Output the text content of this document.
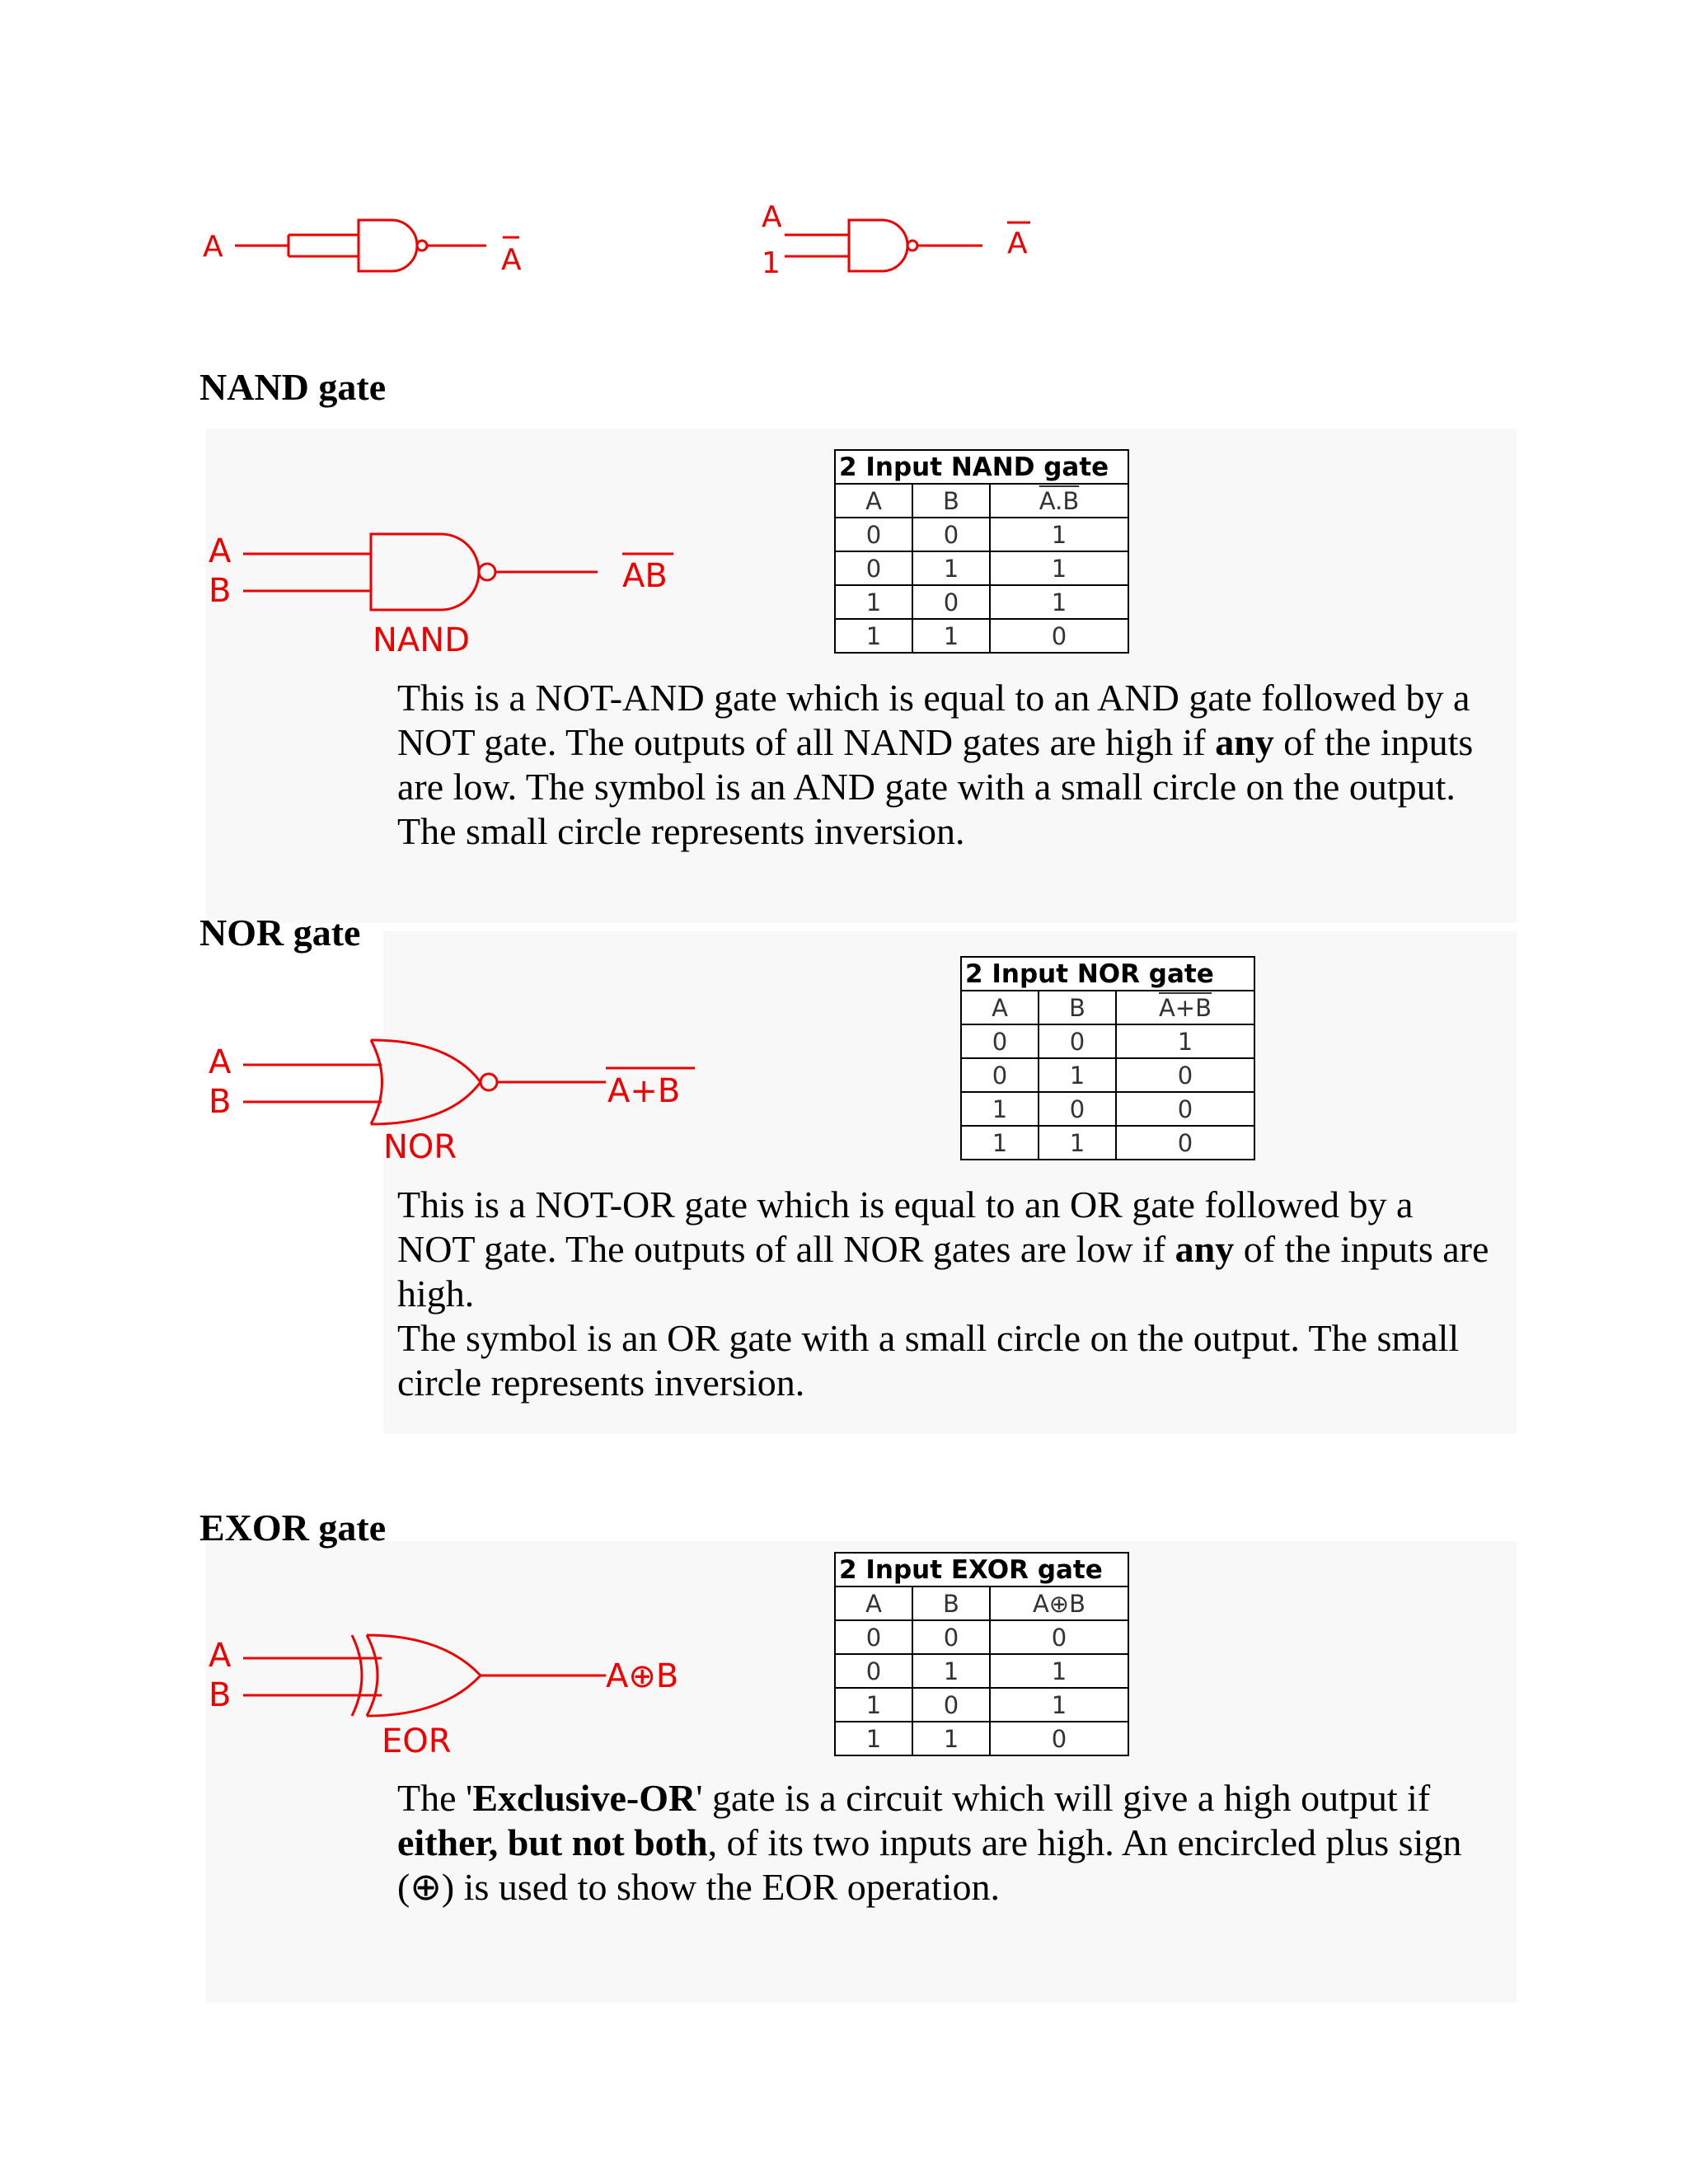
A	A
A
1
A
NAND gate
A
B
NAND
AB
2 Input NAND gate		
A	B	A.B
0	0	1
0	1	1
1	0	1
1	1	0
This is a NOT-AND gate which is equal to an AND gate followed by a NOT gate. The outputs of all NAND gates are high if any of the inputs are low. The symbol is an AND gate with a small circle on the output. The small circle represents inversion.
NOR gate
A
B
NOR
A+B
2 Input NOR gate		
A	B	A+B
0	0	1
0	1	0
1	0	0
1	1	0
This is a NOT-OR gate which is equal to an OR gate followed by a NOT gate. The outputs of all NOR gates are low if any of the inputs are high.
The symbol is an OR gate with a small circle on the output. The small circle represents inversion.
EXOR gate
A
B
EOR
A⊕B
2 Input EXOR gate		
A	B	A⊕B
0	0	0
0	1	1
1	0	1
1	1	0
The 'Exclusive-OR' gate is a circuit which will give a high output if either, but not both, of its two inputs are high. An encircled plus sign (⊕) is used to show the EOR operation.
